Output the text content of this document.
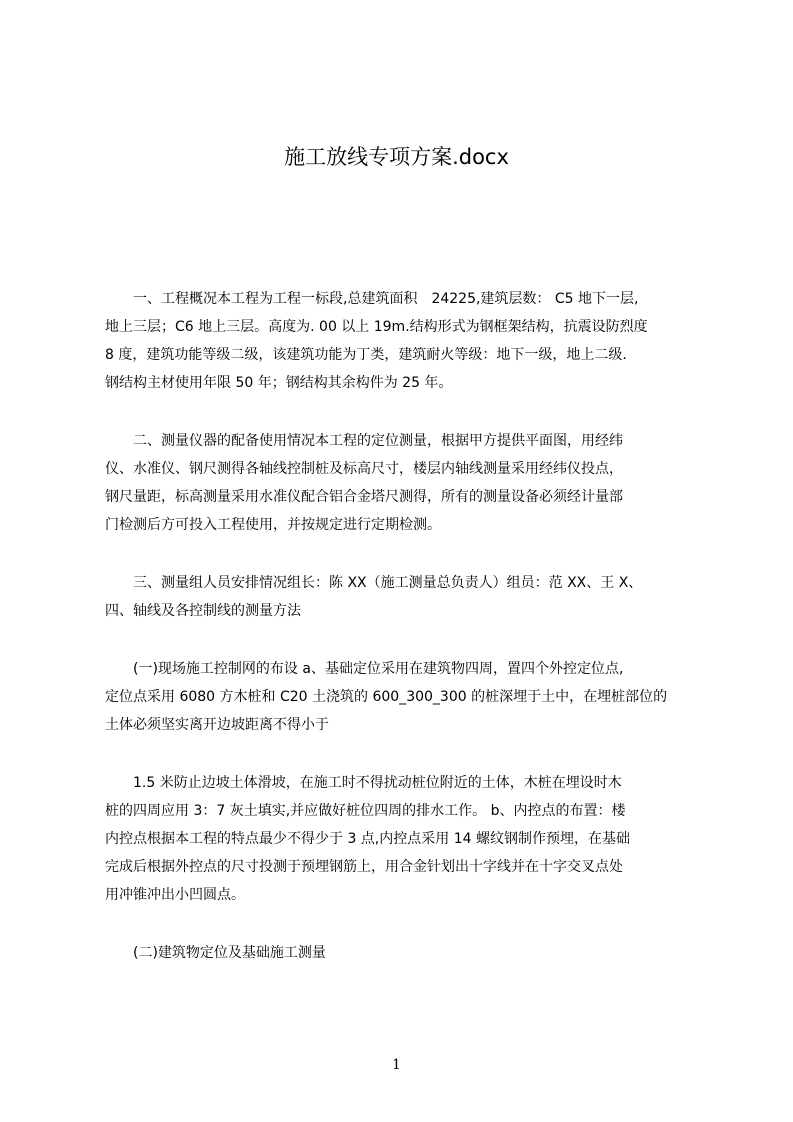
施工放线专项方案.docx

　　一、工程概况本工程为工程一标段,总建筑面积　24225,建筑层数： C5 地下一层,
地上三层；C6 地上三层。高度为. 00 以上 19m.结构形式为钢框架结构，抗震设防烈度
8 度，建筑功能等级二级，该建筑功能为丁类，建筑耐火等级：地下一级，地上二级.
钢结构主材使用年限 50 年；钢结构其余构件为 25 年。

　　二、测量仪器的配备使用情况本工程的定位测量，根据甲方提供平面图，用经纬
仪、水准仪、钢尺测得各轴线控制桩及标高尺寸，楼层内轴线测量采用经纬仪投点，
钢尺量距，标高测量采用水准仪配合铝合金塔尺测得，所有的测量设备必须经计量部
门检测后方可投入工程使用，并按规定进行定期检测。

　　三、测量组人员安排情况组长：陈 XX（施工测量总负责人）组员：范 XX、王 X、
四、轴线及各控制线的测量方法

　　(一)现场施工控制网的布设 a、基础定位采用在建筑物四周，置四个外控定位点,
定位点采用 6080 方木桩和 C20 土浇筑的 600_300_300 的桩深埋于土中，在埋桩部位的
土体必须坚实离开边坡距离不得小于

　　1.5 米防止边坡土体滑坡，在施工时不得扰动桩位附近的土体，木桩在埋设时木
桩的四周应用 3：7 灰土填实,并应做好桩位四周的排水工作。 b、内控点的布置：楼
内控点根据本工程的特点最少不得少于 3 点,内控点采用 14 螺纹钢制作预埋，在基础
完成后根据外控点的尺寸投测于预埋钢筋上，用合金针划出十字线并在十字交叉点处
用冲锥冲出小凹圆点。

　　(二)建筑物定位及基础施工测量

1
